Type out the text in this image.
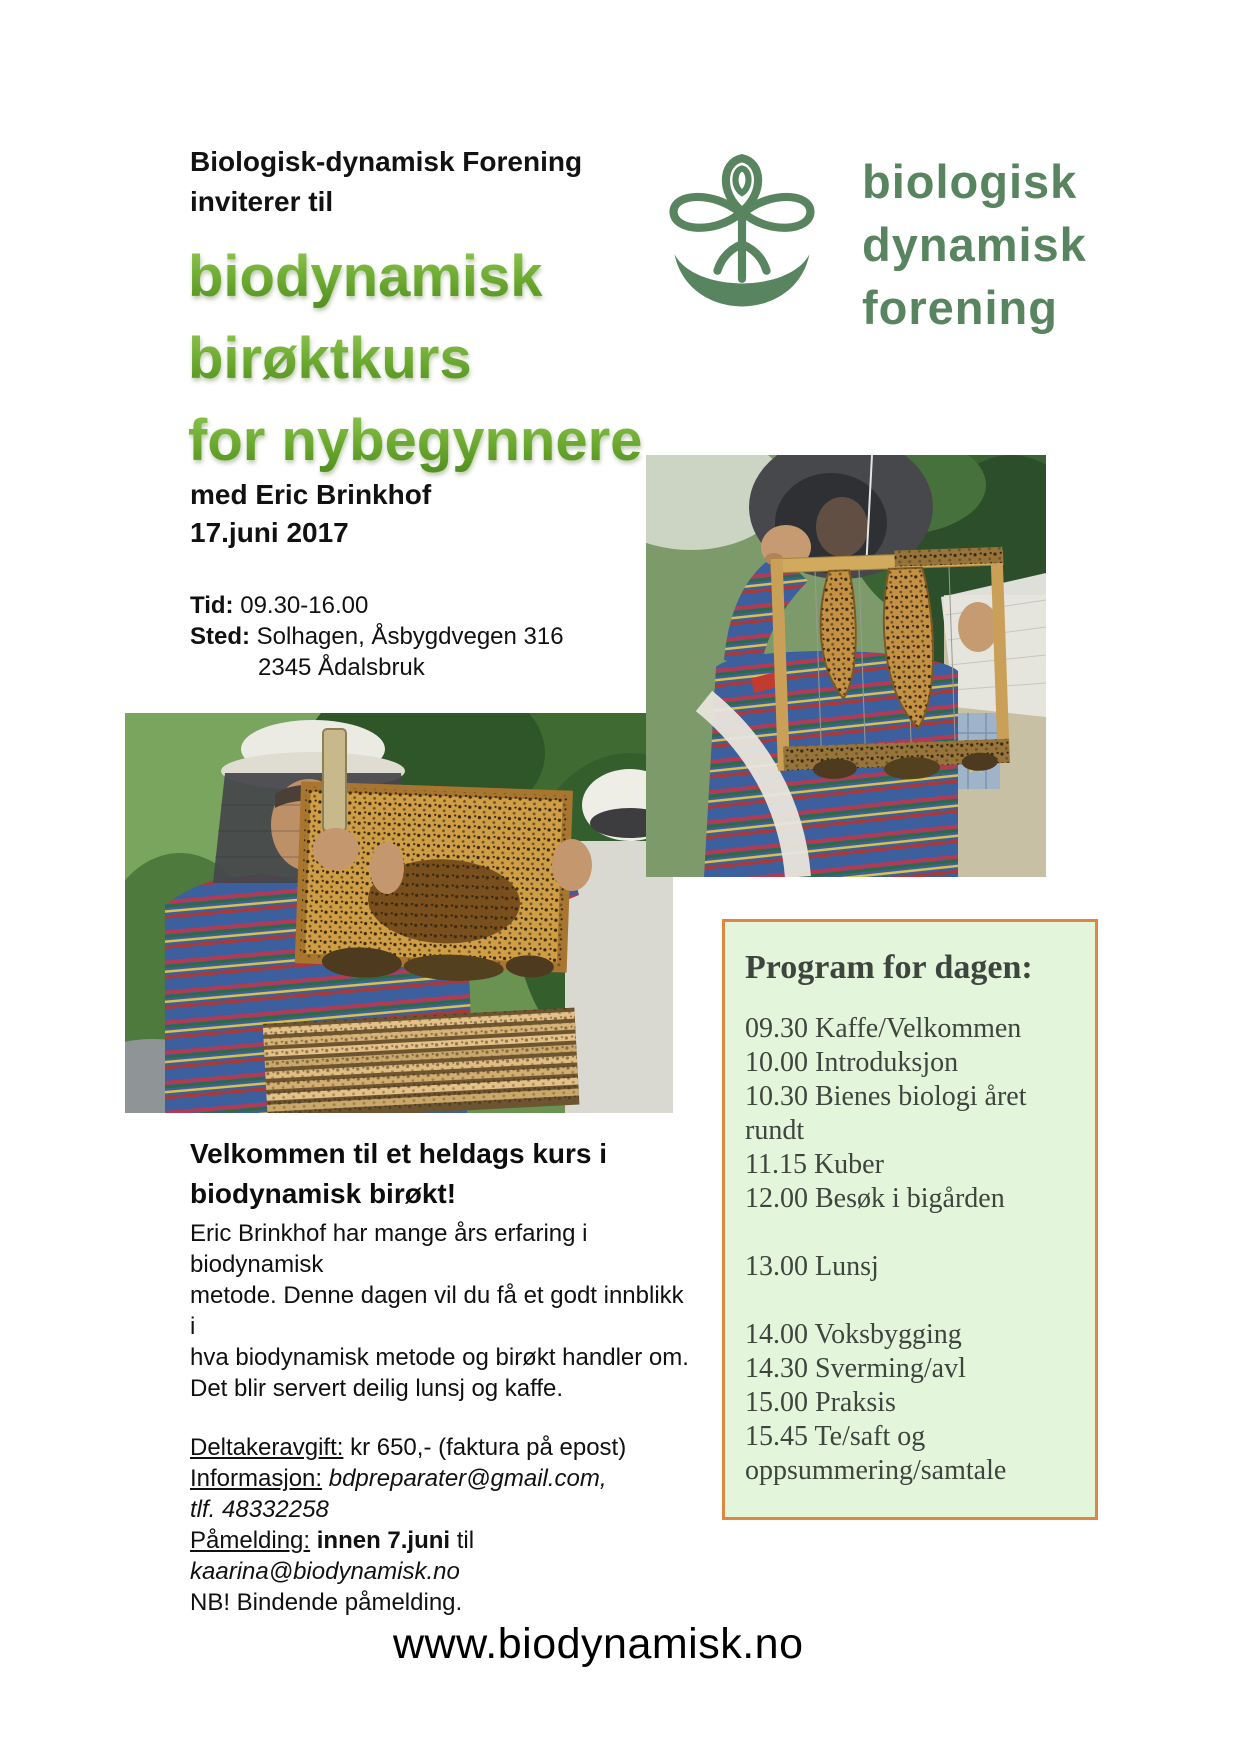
Biologisk-dynamisk Forening
inviterer til
biodynamisk
birøktkurs
for nybegynnere
med Eric Brinkhof
17.juni 2017
Tid: 09.30-16.00
Sted: Solhagen, Åsbygdvegen 316
2345 Ådalsbruk
biologisk
dynamisk
forening
Program for dagen:
09.30 Kaffe/Velkommen
10.00 Introduksjon
10.30 Bienes biologi året
rundt
11.15 Kuber
12.00 Besøk i bigården
13.00 Lunsj
14.00 Voksbygging
14.30 Sverming/avl
15.00 Praksis
15.45 Te/saft og
oppsummering/samtale
Velkommen til et heldags kurs i
biodynamisk birøkt!
Eric Brinkhof har mange års erfaring i biodynamisk
metode. Denne dagen vil du få et godt innblikk i
hva biodynamisk metode og birøkt handler om.
Det blir servert deilig lunsj og kaffe.
Deltakeravgift: kr 650,- (faktura på epost)
Informasjon: bdpreparater@gmail.com,
tlf. 48332258
Påmelding: innen 7.juni til
kaarina@biodynamisk.no
NB! Bindende påmelding.
www.biodynamisk.no
